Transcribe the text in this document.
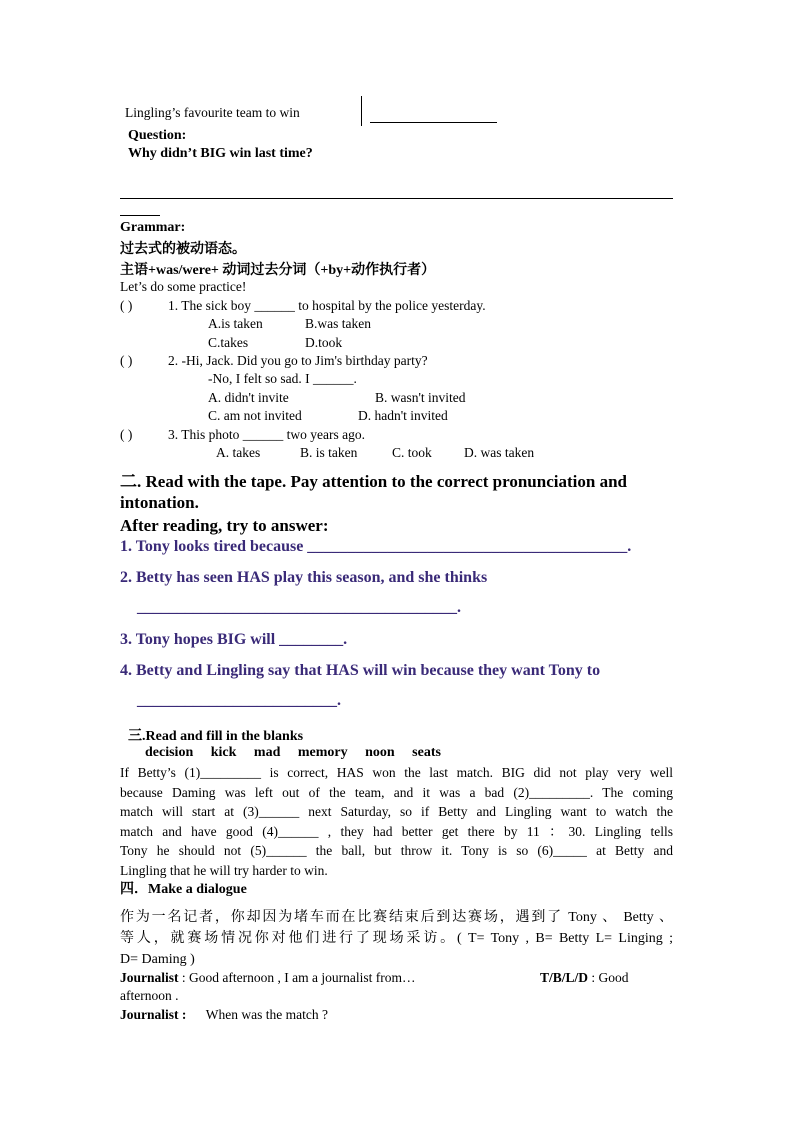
Lingling’s favourite team to win
Question:
Why didn’t BIG win last time?
Grammar:
过去式的被动语态。
主语+was/were+ 动词过去分词（+by+动作执行者）
Let’s do some practice!
( )	1. The sick boy ______ to hospital by the police yesterday.
A.is taken	B.was taken
C.takes	D.took
( )	2. -Hi, Jack. Did you go to Jim's birthday party?
-No, I felt so sad. I ______.
A. didn't invite	B. wasn't invited
C. am not invited	D. hadn't invited
( )	3. This photo ______ two years ago.
A. takes	B. is taken	C. took D. was taken
二. Read with the tape. Pay attention to the correct pronunciation and
intonation.
After reading, try to answer:
1. Tony looks tired because ________________________________________.
2. Betty has seen HAS play this season, and she thinks
________________________________________.
3. Tony hopes BIG will ________.
4. Betty and Lingling say that HAS will win because they want Tony to
_________________________.
三.Read and fill in the blanks
decision     kick     mad     memory     noon     seats
If Betty’s (1)_________ is correct, HAS won the last match. BIG did not play very well
because Daming was left out of the team, and it was a bad (2)_________. The coming
match will start at (3)______ next Saturday, so if Betty and Lingling want to watch the
match and have good (4)______ , they had better get there by 11 ：30. Lingling tells
Tony he should not (5)______ the ball, but throw it. Tony is so (6)_____ at Betty and
Lingling that he will try harder to win.
四．Make a dialogue
作为一名记者，你却因为堵车而在比赛结束后到达赛场，遇到了 Tony 、 Betty 、
等人，就赛场情况你对他们进行了现场采访。( T= Tony , B= Betty L= Linging ;
D= Daming )
Journalist : Good afternoon , I am a journalist from…	T/B/L/D : Good
afternoon .
Journalist : When was the match ?
